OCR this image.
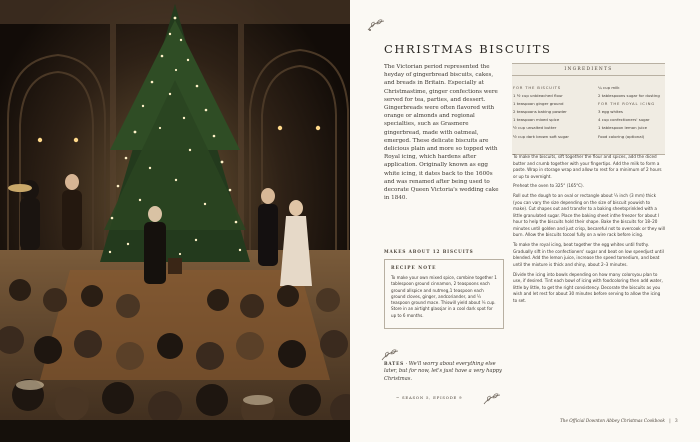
CHRISTMAS BISCUITS
The Victorian period represented the heyday of gingerbread biscuits, cakes, and breads in Britain. Especially at Christmastime, ginger confections were served for tea, parties, and dessert. Gingerbreads were often flavored with orange or almonds and regional specialties, such as Grasmere gingerbread, made with oatmeal, emerged. These delicate biscuits are delicious plain and more so topped with Royal icing, which hardens after application. Originally known as egg white icing, it dates back to the 1600s and was renamed after being used to decorate Queen Victoria's wedding cake in 1840.
MAKES ABOUT 12 BISCUITS
RECIPE NOTE
To make your own mixed spice, combine together 1 tablespoon ground cinnamon, 2 teaspoons each ground allspice and nutmeg,1 teaspoon each ground cloves, ginger, andcoriander, and ¼ teaspoon ground mace. Thiswill yield about ¼ cup. Store in an airtight glassjar in a cool dark spot for up to 6 months.
BATES · We'll worry about everything else later, but for now, let's just have a very happy Christmas.
~ SEASON 5, EPISODE 9
INGREDIENTS
FOR THE BISCUITS
1 ½ cup unbleached flour
1 teaspoon ginger ground
2 teaspoons baking powder
1 teaspoon mixed spice
½ cup unsalted butter
½ cup dark brown soft sugar
¼ cup milk
2 tablespoons sugar for dusting
FOR THE ROYAL ICING
3 egg whites
4 cup confectioners' sugar
1 tablespoon lemon juice
Food coloring (optional)

To make the biscuits, sift together the flour and spices, add the diced butter and crumb together with your fingertips. Add the milk to form a paste. Wrap in storage wrap and allow to rest for a minimum of 2 hours or up to overnight.

Preheat the oven to 325° (165°C).

Roll out the dough to an oval or rectangle about ¼ inch (3 mm) thick (you can vary the size depending on the size of biscuit youwish to make). Cut shapes out and transfer to a baking sheetsprinkled with a little granulated sugar. Place the baking sheet inthe freezer for about I hour to help the biscuits hold their shape. Bake the biscuits for 18–20 minutes until golden and just crisp, becareful not to overcook or they will burn. Allow the biscuits tocool fully on a wire rack before icing.

To make the royal icing, beat together the egg whites until frothy. Gradually sift in the confectioners' sugar and beat on low speedjust until blended. Add the lemon juice, increase the speed tomedium, and beat until the mixture is thick and shiny, about 2–3 minutes.

Divide the icing into bowls depending on how many colorsyou plan to use, if desired. Tint each bowl of icing with foodcoloring then add water, little by little, to get the right consistency. Decorate the biscuits as you wish and let rest for about 30 minutes before serving to allow the icing to set.

The Official Downton Abbey Christmas Cookbook | 3
